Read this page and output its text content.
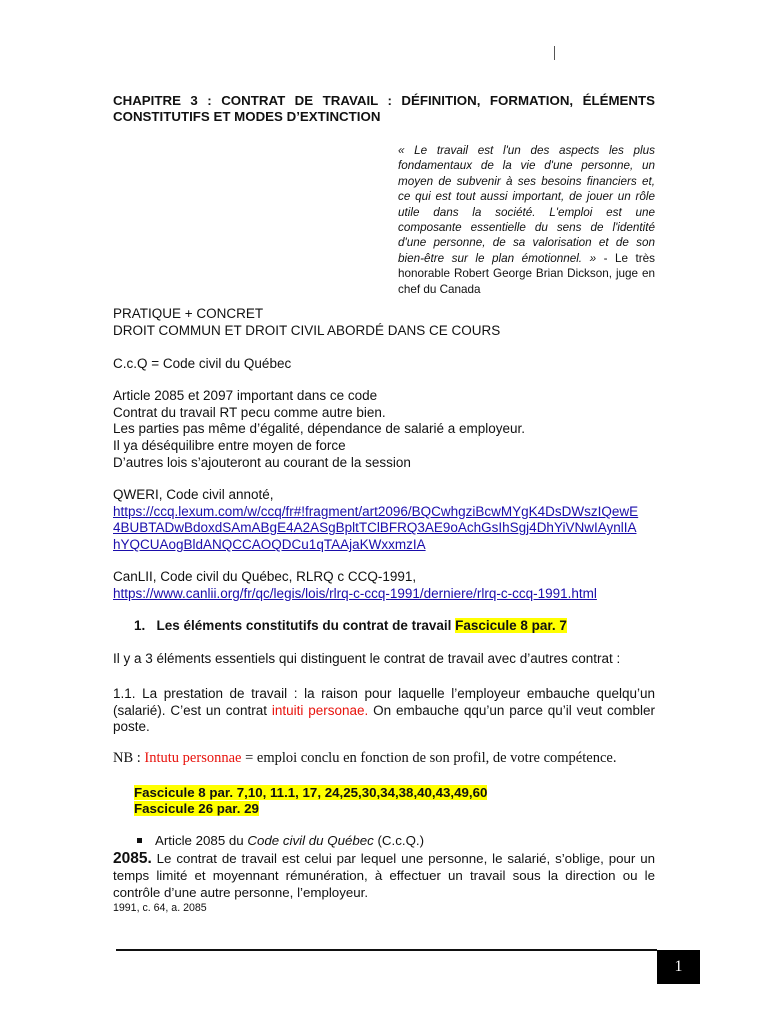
CHAPITRE 3 : CONTRAT DE TRAVAIL : DÉFINITION, FORMATION, ÉLÉMENTS CONSTITUTIFS ET MODES D’EXTINCTION
« Le travail est l'un des aspects les plus fondamentaux de la vie d'une personne, un moyen de subvenir à ses besoins financiers et, ce qui est tout aussi important, de jouer un rôle utile dans la société. L'emploi est une composante essentielle du sens de l'identité d'une personne, de sa valorisation et de son bien-être sur le plan émotionnel. » - Le très honorable Robert George Brian Dickson, juge en chef du Canada
PRATIQUE + CONCRET
DROIT COMMUN ET DROIT CIVIL ABORDÉ DANS CE COURS
C.c.Q = Code civil du Québec
Article 2085 et 2097 important dans ce code
Contrat du travail RT pecu comme autre bien.
Les parties pas même d’égalité, dépendance de salarié a employeur.
Il ya déséquilibre entre moyen de force
D’autres lois s’ajouteront au courant de la session
QWERI, Code civil annoté,
https://ccq.lexum.com/w/ccq/fr#!fragment/art2096/BQCwhgziBcwMYgK4DsDWszIQewE
4BUBTADwBdoxdSAmABgE4A2ASgBpltTClBFRQ3AE9oAchGsIhSgj4DhYiVNwIAynlIA
hYQCUAogBldANQCCAOQDCu1qTAAjaKWxxmzIA
CanLII, Code civil du Québec, RLRQ c CCQ-1991,
https://www.canlii.org/fr/qc/legis/lois/rlrq-c-ccq-1991/derniere/rlrq-c-ccq-1991.html
1. Les éléments constitutifs du contrat de travail Fascicule 8 par. 7
Il y a 3 éléments essentiels qui distinguent le contrat de travail avec d’autres contrat :
1.1. La prestation de travail : la raison pour laquelle l’employeur embauche quelqu’un (salarié). C’est un contrat intuiti personae. On embauche qqu’un parce qu’il veut combler poste.
NB : Intutu personnae = emploi conclu en fonction de son profil, de votre compétence.
Fascicule 8 par. 7,10, 11.1, 17, 24,25,30,34,38,40,43,49,60
Fascicule 26 par. 29
Article 2085 du Code civil du Québec (C.c.Q.)
2085. Le contrat de travail est celui par lequel une personne, le salarié, s’oblige, pour un temps limité et moyennant rémunération, à effectuer un travail sous la direction ou le contrôle d’une autre personne, l’employeur.
1991, c. 64, a. 2085
1
